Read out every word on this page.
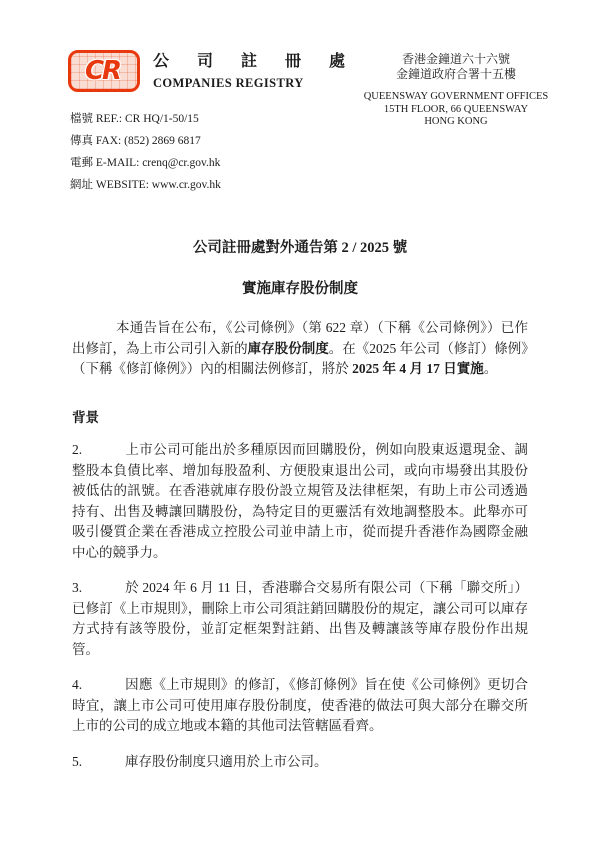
CR 公 司 註 冊 處
COMPANIES REGISTRY
香港金鐘道六十六號
金鐘道政府合署十五樓
QUEENSWAY GOVERNMENT OFFICES
15TH FLOOR, 66 QUEENSWAY
HONG KONG
檔號 REF.: CR HQ/1-50/15
傳真 FAX: (852) 2869 6817
電郵 E-MAIL: crenq@cr.gov.hk
網址 WEBSITE: www.cr.gov.hk
公司註冊處對外通告第 2 / 2025 號
實施庫存股份制度
本通告旨在公布，《公司條例》（第 622 章）（下稱《公司條例》）已作出修訂，為上市公司引入新的庫存股份制度。在《2025 年公司（修訂）條例》（下稱《修訂條例》）內的相關法例修訂，將於 2025 年 4 月 17 日實施。
背景

2.	上市公司可能出於多種原因而回購股份，例如向股東返還現金、調整股本負債比率、增加每股盈利、方便股東退出公司，或向市場發出其股份被低估的訊號。在香港就庫存股份設立規管及法律框架，有助上市公司透過持有、出售及轉讓回購股份，為特定目的更靈活有效地調整股本。此舉亦可吸引優質企業在香港成立控股公司並申請上市，從而提升香港作為國際金融中心的競爭力。

3.	於 2024 年 6 月 11 日，香港聯合交易所有限公司（下稱「聯交所」）已修訂《上市規則》，刪除上市公司須註銷回購股份的規定，讓公司可以庫存方式持有該等股份，並訂定框架對註銷、出售及轉讓該等庫存股份作出規管。

4.	因應《上市規則》的修訂，《修訂條例》旨在使《公司條例》更切合時宜，讓上市公司可使用庫存股份制度，使香港的做法可與大部分在聯交所上市的公司的成立地或本籍的其他司法管轄區看齊。

5.	庫存股份制度只適用於上市公司。
